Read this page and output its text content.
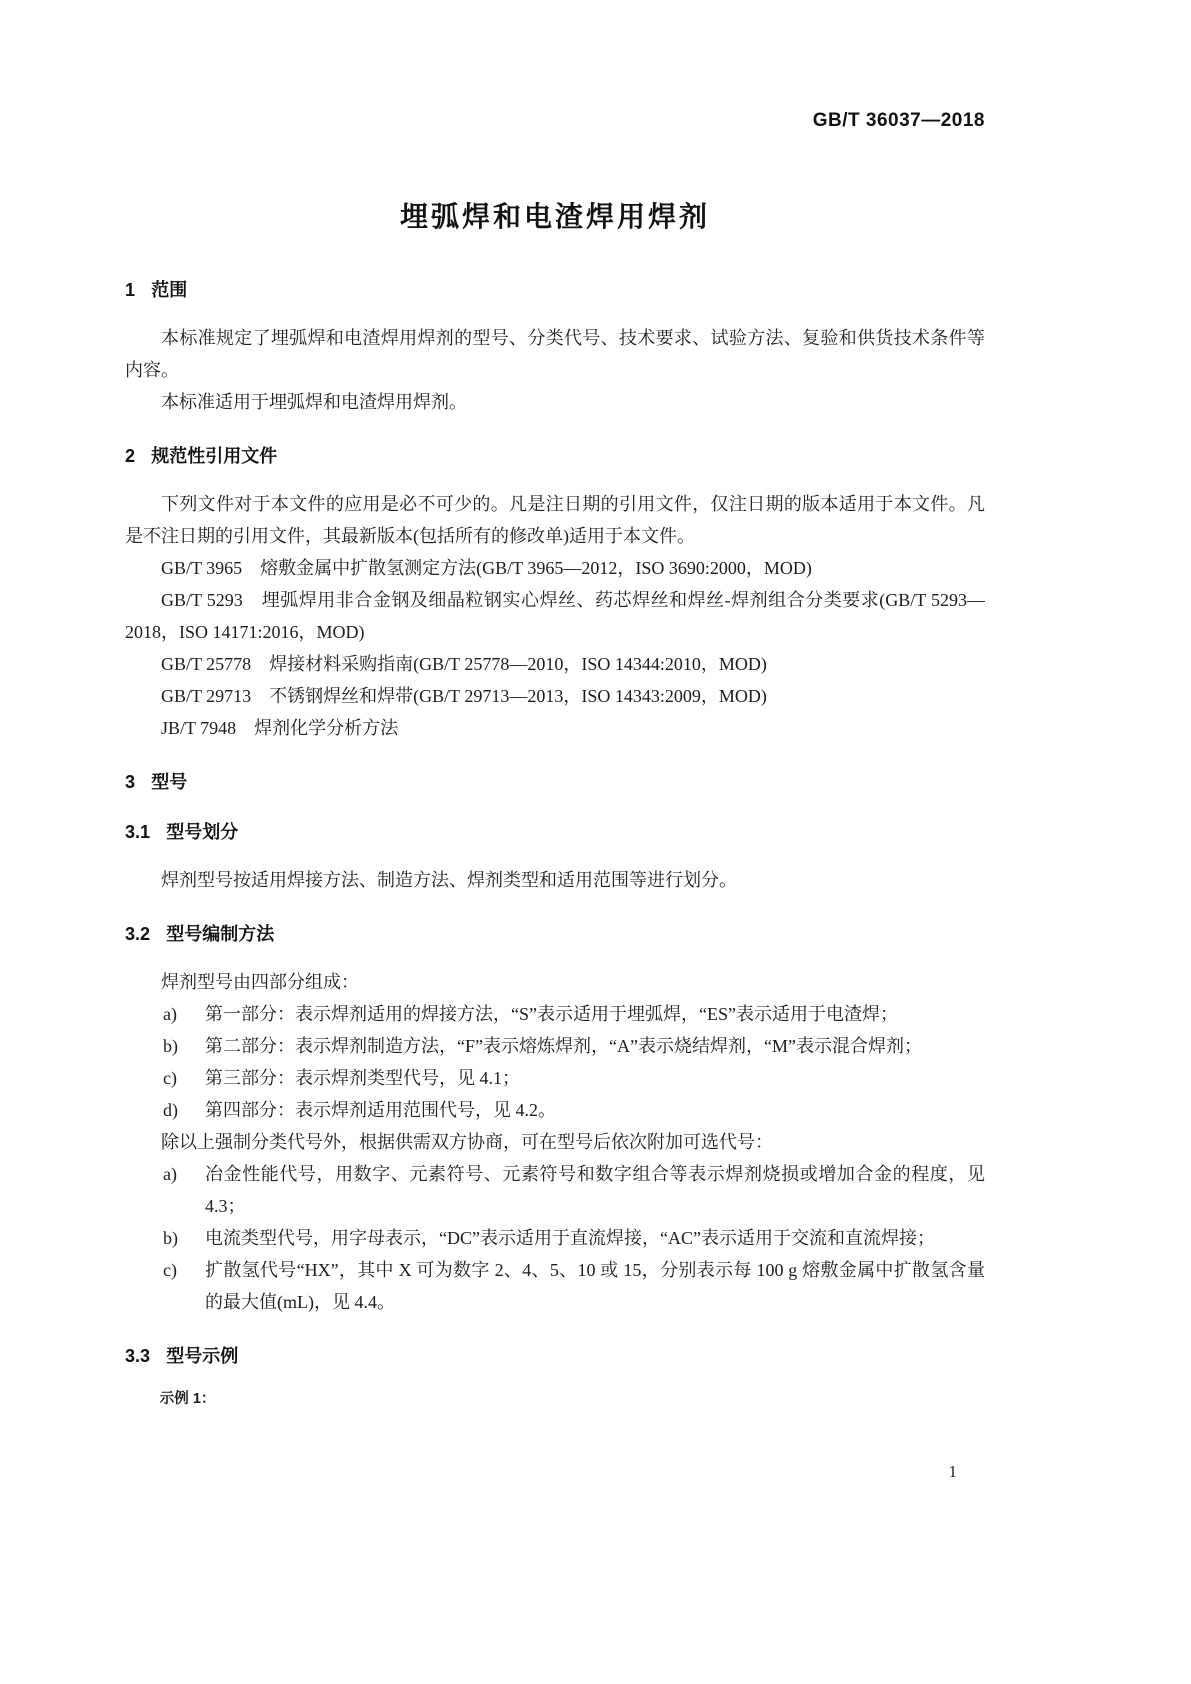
GB/T 36037—2018
埋弧焊和电渣焊用焊剂
1 范围

本标准规定了埋弧焊和电渣焊用焊剂的型号、分类代号、技术要求、试验方法、复验和供货技术条件等内容。

本标准适用于埋弧焊和电渣焊用焊剂。

2 规范性引用文件

下列文件对于本文件的应用是必不可少的。凡是注日期的引用文件，仅注日期的版本适用于本文件。凡是不注日期的引用文件，其最新版本(包括所有的修改单)适用于本文件。

GB/T 3965　熔敷金属中扩散氢测定方法(GB/T 3965—2012，ISO 3690:2000，MOD)

GB/T 5293　埋弧焊用非合金钢及细晶粒钢实心焊丝、药芯焊丝和焊丝-焊剂组合分类要求(GB/T 5293—2018，ISO 14171:2016，MOD)

GB/T 25778　焊接材料采购指南(GB/T 25778—2010，ISO 14344:2010，MOD)

GB/T 29713　不锈钢焊丝和焊带(GB/T 29713—2013，ISO 14343:2009，MOD)

JB/T 7948　焊剂化学分析方法

3 型号
3.1 型号划分

焊剂型号按适用焊接方法、制造方法、焊剂类型和适用范围等进行划分。

3.2 型号编制方法

焊剂型号由四部分组成：

a) 第一部分：表示焊剂适用的焊接方法，“S”表示适用于埋弧焊，“ES”表示适用于电渣焊；
b) 第二部分：表示焊剂制造方法，“F”表示熔炼焊剂，“A”表示烧结焊剂，“M”表示混合焊剂；
c) 第三部分：表示焊剂类型代号，见 4.1；
d) 第四部分：表示焊剂适用范围代号，见 4.2。

除以上强制分类代号外，根据供需双方协商，可在型号后依次附加可选代号：

a) 冶金性能代号，用数字、元素符号、元素符号和数字组合等表示焊剂烧损或增加合金的程度，见 4.3；
b) 电流类型代号，用字母表示，“DC”表示适用于直流焊接，“AC”表示适用于交流和直流焊接；
c) 扩散氢代号“HX”，其中 X 可为数字 2、4、5、10 或 15，分别表示每 100 g 熔敷金属中扩散氢含量的最大值(mL)，见 4.4。
3.3 型号示例

示例 1：

1
